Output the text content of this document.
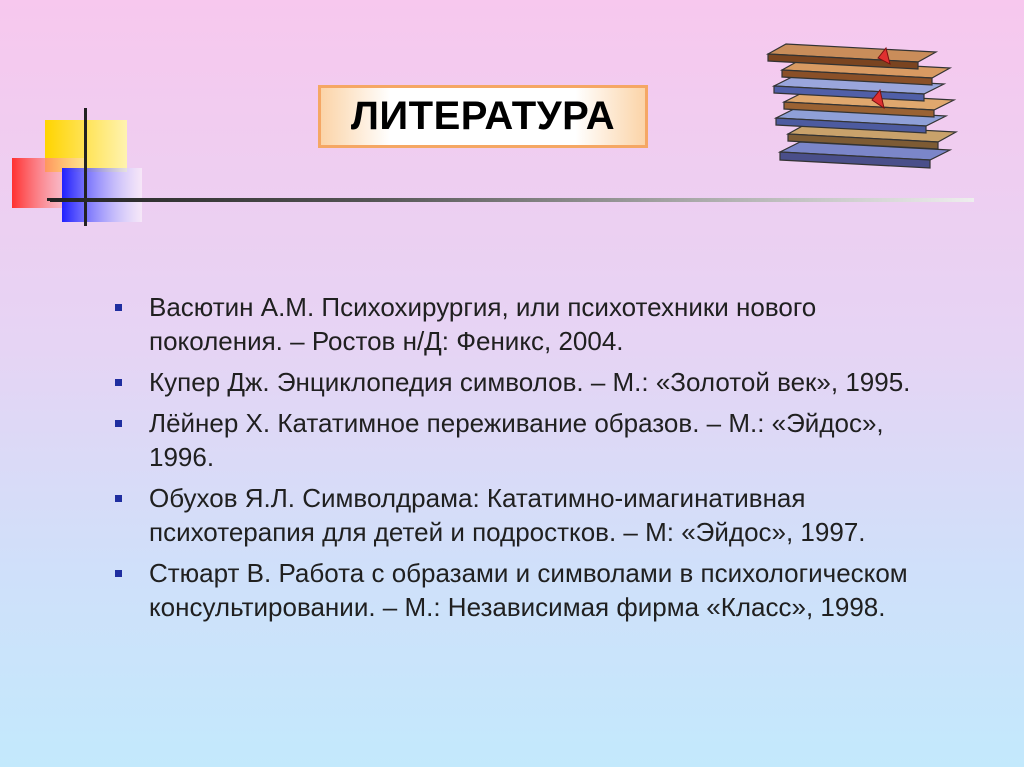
ЛИТЕРАТУРА
Васютин А.М. Психохирургия, или психотехники нового поколения. – Ростов н/Д: Феникс, 2004.
Купер Дж. Энциклопедия символов. – М.: «Золотой век», 1995.
Лёйнер Х. Кататимное переживание образов. – М.: «Эйдос», 1996.
Обухов Я.Л. Символдрама: Кататимно-имагинативная психотерапия для детей и подростков. – М: «Эйдос», 1997.
Стюарт В. Работа с образами и символами в психологическом консультировании. – М.: Независимая фирма «Класс», 1998.
